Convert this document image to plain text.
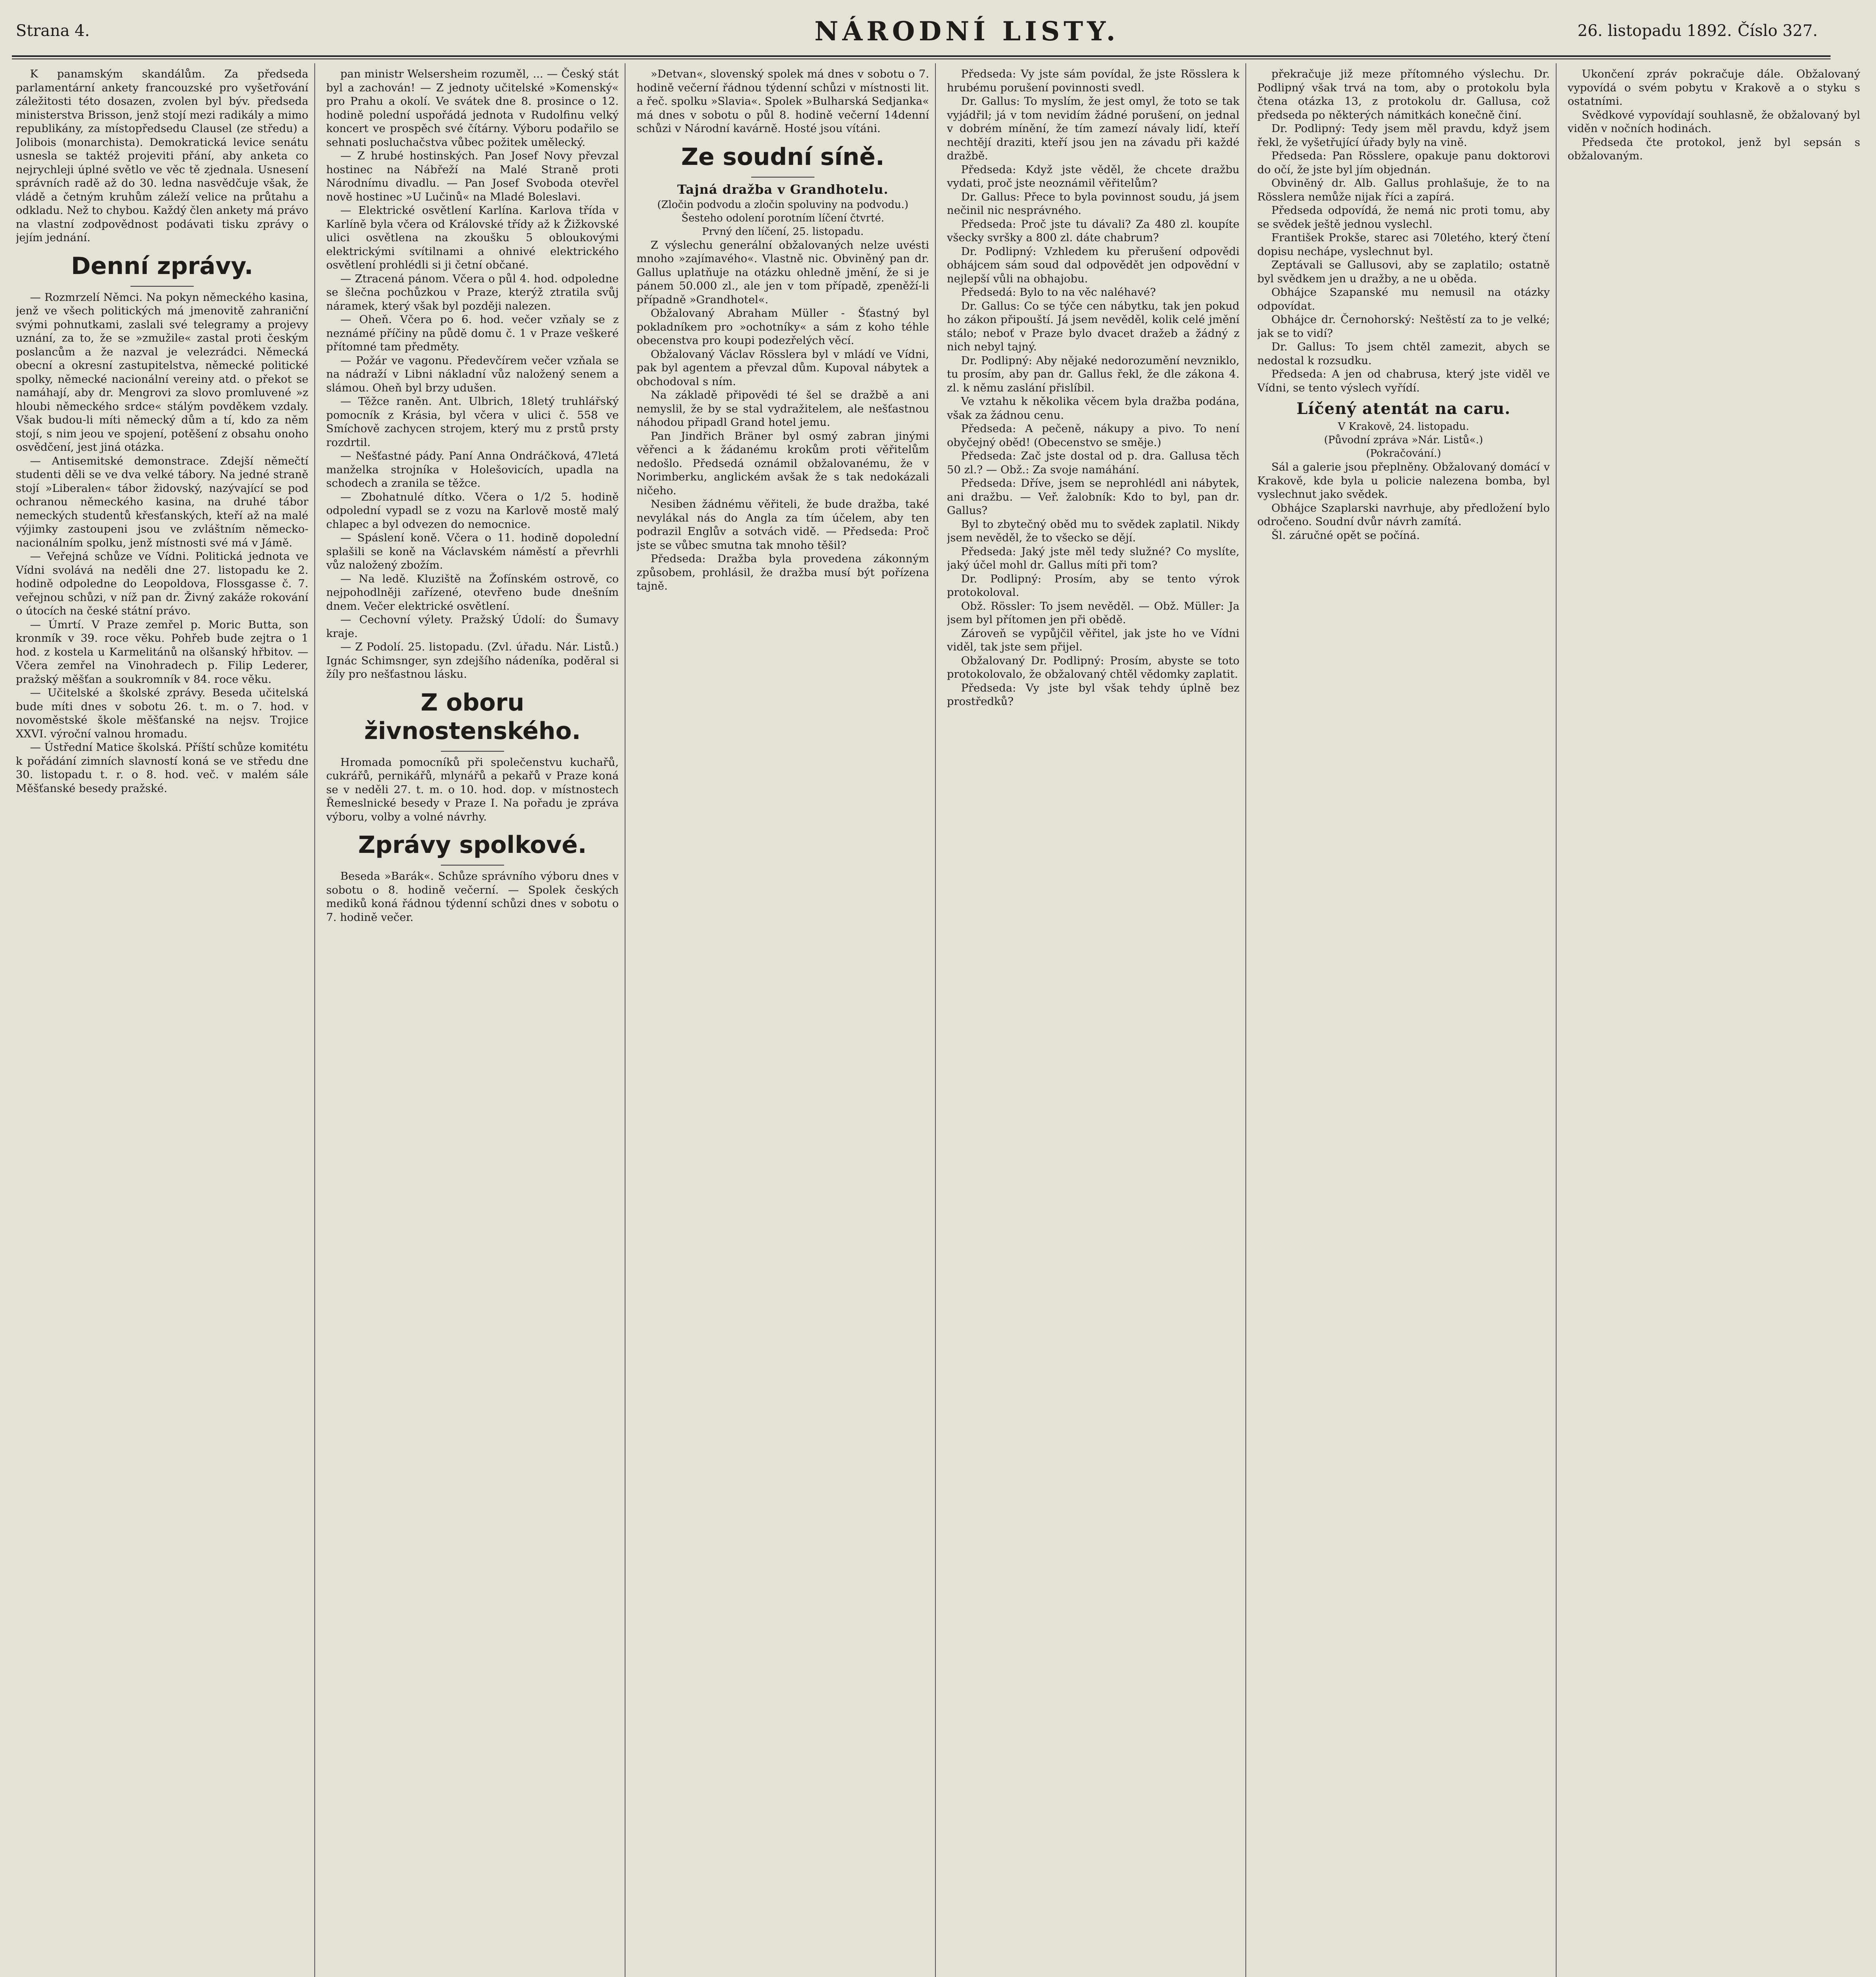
Strana 4.	NÁRODNÍ LISTY.	26. listopadu 1892. Číslo 327.

K panamským skandálům. Za předseda parlamentární ankety francouzské pro vyšetřování záležitosti této dosazen, zvolen byl býv. předseda ministerstva Brisson, jenž stojí mezi radikály a mimo republikány, za místopředsedu Clausel (ze středu) a Jolibois (monarchista). Demokratická levice senátu usnesla se taktéž projeviti přání, aby anketa co nejrychleji úplné světlo ve věc tě zjednala. Usnesení správních radě až do 30. ledna nasvědčuje však, že vládě a četným kruhům záleží velice na průtahu a odkladu. Než to chybou. Každý člen ankety má právo na vlastní zodpovědnost podávati tisku zprávy o jejím jednání.

Denní zprávy.

— Rozmrzelí Němci. Na pokyn německého kasina, jenž ve všech politických má jmenovitě zahraniční svými pohnutkami, zaslali své telegramy a projevy uznání, za to, že se »zmužile« zastal proti českým poslancům a že nazval je velezrádci. Německá obecní a okresní zastupitelstva, německé politické spolky, německé nacionální vereiny atd. o překot se namáhají, aby dr. Mengrovi za slovo promluvené »z hloubi německého srdce« stálým povděkem vzdaly. Však budou-li míti německý dům a tí, kdo za něm stojí, s nim jeou ve spojení, potěšení z obsahu onoho osvědčení, jest jiná otázka.

— Antisemitské demonstrace. Zdejší němečtí studenti děli se ve dva velké tábory. Na jedné straně stojí »Liberalen« tábor židovský, nazývající se pod ochranou německého kasina, na druhé tábor nemeckých studentů křesťanských, kteří až na malé výjimky zastoupeni jsou ve zvláštním německo-nacionálním spolku, jenž místnosti své má v Jámě.

— Veřejná schůze ve Vídni. Politická jednota ve Vídni svolává na neděli dne 27. listopadu ke 2. hodině odpoledne do Leopoldova, Flossgasse č. 7. veřejnou schůzi, v níž pan dr. Živný zakáže rokování o útocích na české státní právo.

— Úmrtí. V Praze zemřel p. Moric Butta, son kronmík v 39. roce věku. Pohřeb bude zejtra o 1 hod. z kostela u Karmelitánů na olšanský hřbitov. — Včera zemřel na Vinohradech p. Filip Lederer, pražský měšťan a soukromník v 84. roce věku.

— Učitelské a školské zprávy. Beseda učitelská bude míti dnes v sobotu 26. t. m. o 7. hod. v novoměstské škole měšťanské na nejsv. Trojice XXVI. výroční valnou hromadu.

— Ústřední Matice školská. Příští schůze komitétu k pořádání zimních slavností koná se ve středu dne 30. listopadu t. r. o 8. hod. več. v malém sále Měšťanské besedy pražské.

pan ministr Welsersheim rozuměl, ... — Český stát byl a zachován! — Z jednoty učitelské »Komenský« pro Prahu a okolí. Ve svátek dne 8. prosince o 12. hodině polední uspořádá jednota v Rudolfinu velký koncert ve prospěch své čítárny. Výboru podařilo se sehnati posluchačstva vůbec požitek umělecký.

— Z hrubé hostinských. Pan Josef Novy převzal hostinec na Nábřeží na Malé Straně proti Národnímu divadlu. — Pan Josef Svoboda otevřel nově hostinec »U Lučinů« na Mladé Boleslavi.

— Elektrické osvětlení Karlína. Karlova třída v Karlíně byla včera od Královské třídy až k Žižkovské ulici osvětlena na zkoušku 5 obloukovými elektrickými svítilnami a ohnivé elektrického osvětlení prohlédli si ji četní občané.

— Ztracená pánom. Včera o půl 4. hod. odpoledne se šlečna pochůzkou v Praze, kterýž ztratila svůj náramek, který však byl později nalezen.

— Oheň. Včera po 6. hod. večer vzňaly se z neznámé příčiny na půdě domu č. 1 v Praze veškeré přítomné tam předměty.

— Požár ve vagonu. Předevčírem večer vzňala se na nádraží v Libni nákladní vůz naložený senem a slámou. Oheň byl brzy udušen.

— Těžce raněn. Ant. Ulbrich, 18letý truhlářský pomocník z Krásia, byl včera v ulici č. 558 ve Smíchově zachycen strojem, který mu z prstů prsty rozdrtil.

— Nešťastné pády. Paní Anna Ondráčková, 47letá manželka strojníka v Holešovicích, upadla na schodech a zranila se těžce.

— Zbohatnulé dítko. Včera o 1/2 5. hodině odpolední vypadl se z vozu na Karlově mostě malý chlapec a byl odvezen do nemocnice.

— Spáslení koně. Včera o 11. hodině dopolední splašili se koně na Václavském náměstí a převrhli vůz naložený zbožím.

— Na ledě. Kluziště na Žofínském ostrově, co nejpohodlněji zařízené, otevřeno bude dnešním dnem. Večer elektrické osvětlení.

— Cechovní výlety. Pražský Údolí: do Šumavy kraje.

— Z Podolí. 25. listopadu. (Zvl. úřadu. Nár. Listů.) Ignác Schimsnger, syn zdejšího nádeníka, poděral si žíly pro nešťastnou lásku.

Z oboru živnostenského.

Hromada pomocníků při společenstvu kuchařů, cukrářů, pernikářů, mlynářů a pekařů v Praze koná se v neděli 27. t. m. o 10. hod. dop. v místnostech Řemeslnické besedy v Praze I. Na pořadu je zpráva výboru, volby a volné návrhy.

Zprávy spolkové.

Beseda »Barák«. Schůze správního výboru dnes v sobotu o 8. hodině večerní. — Spolek českých mediků koná řádnou týdenní schůzi dnes v sobotu o 7. hodině večer.

»Detvan«, slovenský spolek má dnes v sobotu o 7. hodině večerní řádnou týdenní schůzi v místnosti lit. a řeč. spolku »Slavia«. Spolek »Bulharská Sedjanka« má dnes v sobotu o půl 8. hodině večerní 14denní schůzi v Národní kavárně. Hosté jsou vítáni.

Ze soudní síně.
Tajná dražba v Grandhotelu.
(Zločin podvodu a zločin spoluviny na podvodu.)
Šesteho odolení porotním líčení čtvrté.
Prvný den líčení, 25. listopadu.

Z výslechu generální obžalovaných nelze uvésti mnoho »zajímavého«. Vlastně nic. Obviněný pan dr. Gallus uplatňuje na otázku ohledně jmění, že si je pánem 50.000 zl., ale jen v tom případě, zpeněží-li případně »Grandhotel«.

Obžalovaný Abraham Müller - Šťastný byl pokladníkem pro »ochotníky« a sám z koho téhle obecenstva pro koupi podezřelých věcí.

Obžalovaný Václav Rösslera byl v mládí ve Vídni, pak byl agentem a převzal dům. Kupoval nábytek a obchodoval s ním.

Na základě připovědi té šel se dražbě a ani nemyslil, že by se stal vydražitelem, ale nešťastnou náhodou připadl Grand hotel jemu.

Pan Jindřich Bräner byl osmý zabran jinými věřenci a k žádanému krokům proti věřitelům nedošlo. Předsedá oznámil obžalovanému, že v Norimberku, anglickém avšak že s tak nedokázali ničeho.

Nesiben žádnému věřiteli, že bude dražba, také nevylákal nás do Angla za tím účelem, aby ten podrazil Englův a sotvách vidě. — Předseda: Proč jste se vůbec smutna tak mnoho těšil?

Předseda: Dražba byla provedena zákonným způsobem, prohlásil, že dražba musí být pořízena tajně.

Předseda: Vy jste sám povídal, že jste Rösslera k hrubému porušení povinnosti svedl.

Dr. Gallus: To myslím, že jest omyl, že toto se tak vyjádřil; já v tom nevidím žádné porušení, on jednal v dobrém mínění, že tím zamezí návaly lidí, kteří nechtějí draziti, kteří jsou jen na závadu při každé dražbě.

Předseda: Když jste věděl, že chcete dražbu vydati, proč jste neoznámil věřitelům?

Dr. Gallus: Přece to byla povinnost soudu, já jsem nečinil nic nesprávného.

Předseda: Proč jste tu dávali? Za 480 zl. koupíte všecky svršky a 800 zl. dáte chabrum?

Dr. Podlipný: Vzhledem ku přerušení odpovědi obhájcem sám soud dal odpovědět jen odpovědní v nejlepší vůli na obhajobu.

Předsedá: Bylo to na věc naléhavé?

Dr. Gallus: Co se týče cen nábytku, tak jen pokud ho zákon připouští. Já jsem nevěděl, kolik celé jmění stálo; neboť v Praze bylo dvacet dražeb a žádný z nich nebyl tajný.

Dr. Podlipný: Aby nějaké nedorozumění nevzniklo, tu prosím, aby pan dr. Gallus řekl, že dle zákona 4. zl. k němu zaslání přislíbil.

Ve vztahu k několika věcem byla dražba podána, však za žádnou cenu.

Předseda: A pečeně, nákupy a pivo. To není obyčejný oběd! (Obecenstvo se směje.)

Předseda: Zač jste dostal od p. dra. Gallusa těch 50 zl.? — Obž.: Za svoje namáhání.

Předseda: Dříve, jsem se neprohlédl ani nábytek, ani dražbu. — Veř. žalobník: Kdo to byl, pan dr. Gallus?

Byl to zbytečný oběd mu to svědek zaplatil. Nikdy jsem nevěděl, že to všecko se dějí.

Předseda: Jaký jste měl tedy služné? Co myslíte, jaký účel mohl dr. Gallus míti při tom?

Dr. Podlipný: Prosím, aby se tento výrok protokoloval.

Obž. Rössler: To jsem nevěděl. — Obž. Müller: Ja jsem byl přítomen jen při obědě.

Zároveň se vypůjčil věřitel, jak jste ho ve Vídni viděl, tak jste sem přijel.

Obžalovaný Dr. Podlipný: Prosím, abyste se toto protokolovalo, že obžalovaný chtěl vědomky zaplatit.

Předseda: Vy jste byl však tehdy úplně bez prostředků?

překračuje již meze přítomného výslechu. Dr. Podlipný však trvá na tom, aby o protokolu byla čtena otázka 13, z protokolu dr. Gallusa, což předseda po některých námitkách konečně činí.

Dr. Podlipný: Tedy jsem měl pravdu, když jsem řekl, že vyšetřující úřady byly na vině.

Předseda: Pan Rösslere, opakuje panu doktorovi do očí, že jste byl jím objednán.

Obviněný dr. Alb. Gallus prohlašuje, že to na Rösslera nemůže nijak říci a zapírá.

Předseda odpovídá, že nemá nic proti tomu, aby se svědek ještě jednou vyslechl.

František Prokše, starec asi 70letého, který čtení dopisu nechápe, vyslechnut byl.

Zeptávali se Gallusovi, aby se zaplatilo; ostatně byl svědkem jen u dražby, a ne u oběda.

Obhájce Szapanské mu nemusil na otázky odpovídat.

Obhájce dr. Černohorský: Neštěstí za to je velké; jak se to vidí?

Dr. Gallus: To jsem chtěl zamezit, abych se nedostal k rozsudku.

Předseda: A jen od chabrusa, který jste viděl ve Vídni, se tento výslech vyřídí.

Líčený atentát na caru.
V Krakově, 24. listopadu.
(Původní zpráva »Nár. Listů«.)
(Pokračování.)

Sál a galerie jsou přeplněny. Obžalovaný domácí v Krakově, kde byla u policie nalezena bomba, byl vyslechnut jako svědek.

Obhájce Szaplarski navrhuje, aby předložení bylo odročeno. Soudní dvůr návrh zamítá.

Šl. záručné opět se počíná.

Ukončení zpráv pokračuje dále. Obžalovaný vypovídá o svém pobytu v Krakově a o styku s ostatními.

Svědkové vypovídají souhlasně, že obžalovaný byl viděn v nočních hodinách.

Předseda čte protokol, jenž byl sepsán s obžalovaným.
